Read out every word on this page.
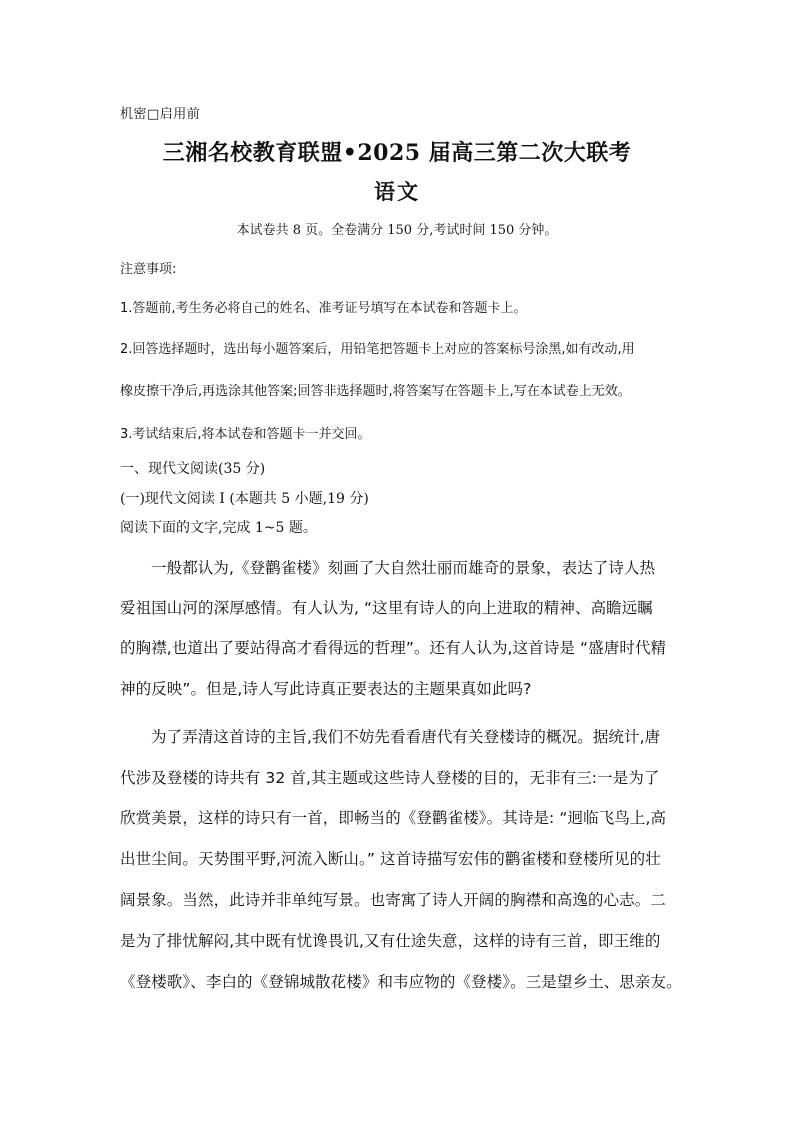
机密□启用前
三湘名校教育联盟•2025 届高三第二次大联考
语文
本试卷共 8 页。全卷满分 150 分,考试时间 150 分钟。
注意事项:
1.答题前,考生务必将自己的姓名、准考证号填写在本试卷和答题卡上。
2.回答选择题时，选出每小题答案后，用铅笔把答题卡上对应的答案标号涂黑,如有改动,用
橡皮擦干净后,再选涂其他答案;回答非选择题时,将答案写在答题卡上,写在本试卷上无效。
3.考试结束后,将本试卷和答题卡一并交回。
一、现代文阅读(35 分)
(一)现代文阅读 I (本题共 5 小题,19 分)
阅读下面的文字,完成 1~5 题。
一般都认为,《登鹳雀楼》刻画了大自然壮丽而雄奇的景象，表达了诗人热
爱祖国山河的深厚感情。有人认为, “这里有诗人的向上进取的精神、高瞻远瞩
的胸襟,也道出了要站得高才看得远的哲理”。还有人认为,这首诗是 “盛唐时代精
神的反映”。但是,诗人写此诗真正要表达的主题果真如此吗?
为了弄清这首诗的主旨,我们不妨先看看唐代有关登楼诗的概况。据统计,唐
代涉及登楼的诗共有 32 首,其主题或这些诗人登楼的目的，无非有三:一是为了
欣赏美景，这样的诗只有一首，即畅当的《登鹳雀楼》。其诗是: “迥临飞鸟上,高
出世尘间。天势围平野,河流入断山。” 这首诗描写宏伟的鹳雀楼和登楼所见的壮
阔景象。当然，此诗并非单纯写景。也寄寓了诗人开阔的胸襟和高逸的心志。二
是为了排忧解闷,其中既有忧谗畏讥,又有仕途失意，这样的诗有三首，即王维的
《登楼歌》、李白的《登锦城散花楼》和韦应物的《登楼》。三是望乡土、思亲友。
